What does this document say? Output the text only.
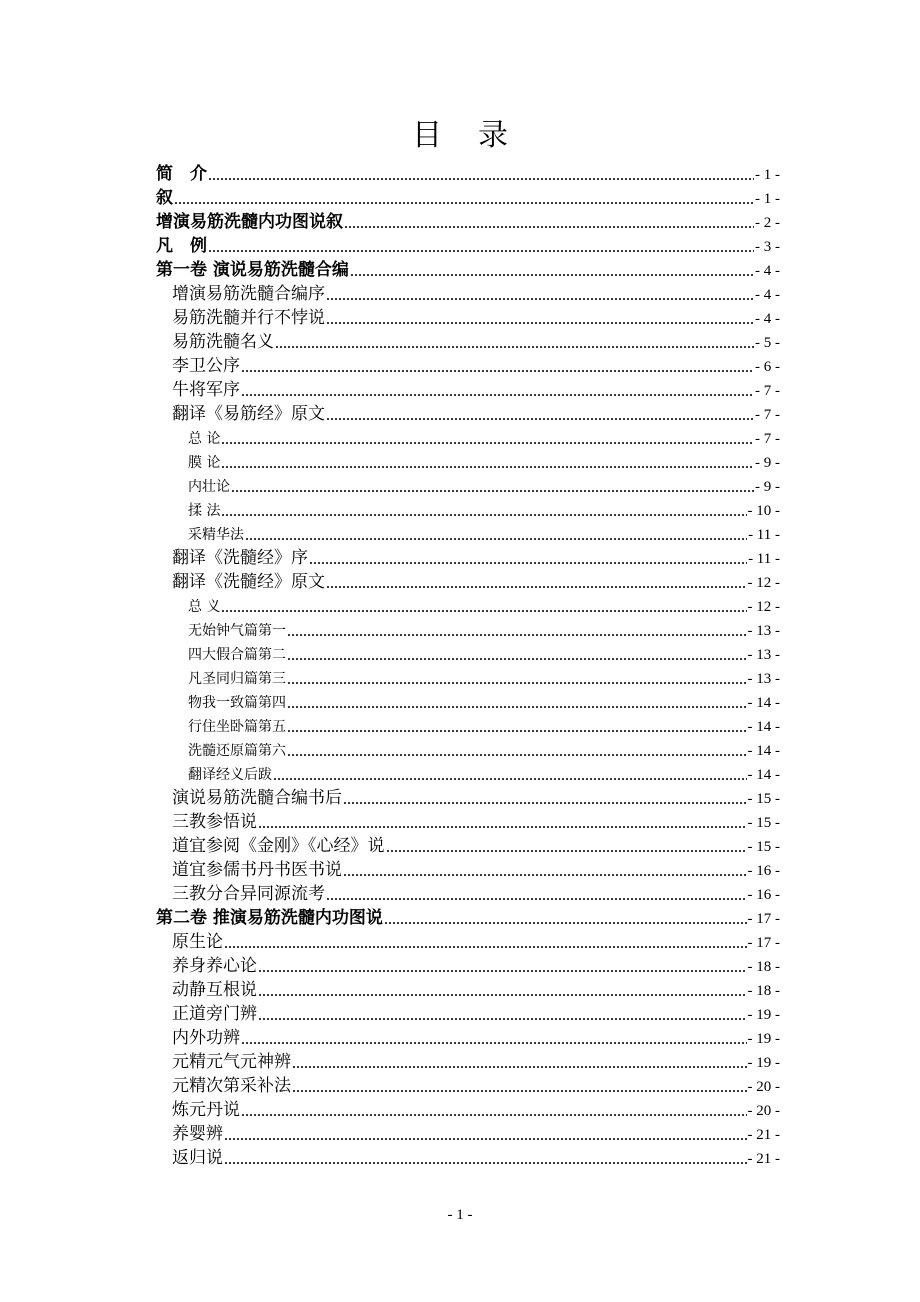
目录
简　介	- 1 -
叙	- 1 -
增演易筋洗髓内功图说叙	- 2 -
凡　例	- 3 -
第一卷 演说易筋洗髓合编	- 4 -
增演易筋洗髓合编序	- 4 -
易筋洗髓并行不悖说	- 4 -
易筋洗髓名义	- 5 -
李卫公序	- 6 -
牛将军序	- 7 -
翻译《易筋经》原文	- 7 -
总 论	- 7 -
膜 论	- 9 -
内壮论	- 9 -
揉 法	- 10 -
采精华法	- 11 -
翻译《洗髓经》序	- 11 -
翻译《洗髓经》原文	- 12 -
总 义	- 12 -
无始钟气篇第一	- 13 -
四大假合篇第二	- 13 -
凡圣同归篇第三	- 13 -
物我一致篇第四	- 14 -
行住坐卧篇第五	- 14 -
洗髓还原篇第六	- 14 -
翻译经义后跋	- 14 -
演说易筋洗髓合编书后	- 15 -
三教参悟说	- 15 -
道宜参阅《金刚》《心经》说	- 15 -
道宜参儒书丹书医书说	- 16 -
三教分合异同源流考	- 16 -
第二卷 推演易筋洗髓内功图说	- 17 -
原生论	- 17 -
养身养心论	- 18 -
动静互根说	- 18 -
正道旁门辨	- 19 -
内外功辨	- 19 -
元精元气元神辨	- 19 -
元精次第采补法	- 20 -
炼元丹说	- 20 -
养婴辨	- 21 -
返归说	- 21 -
- 1 -
